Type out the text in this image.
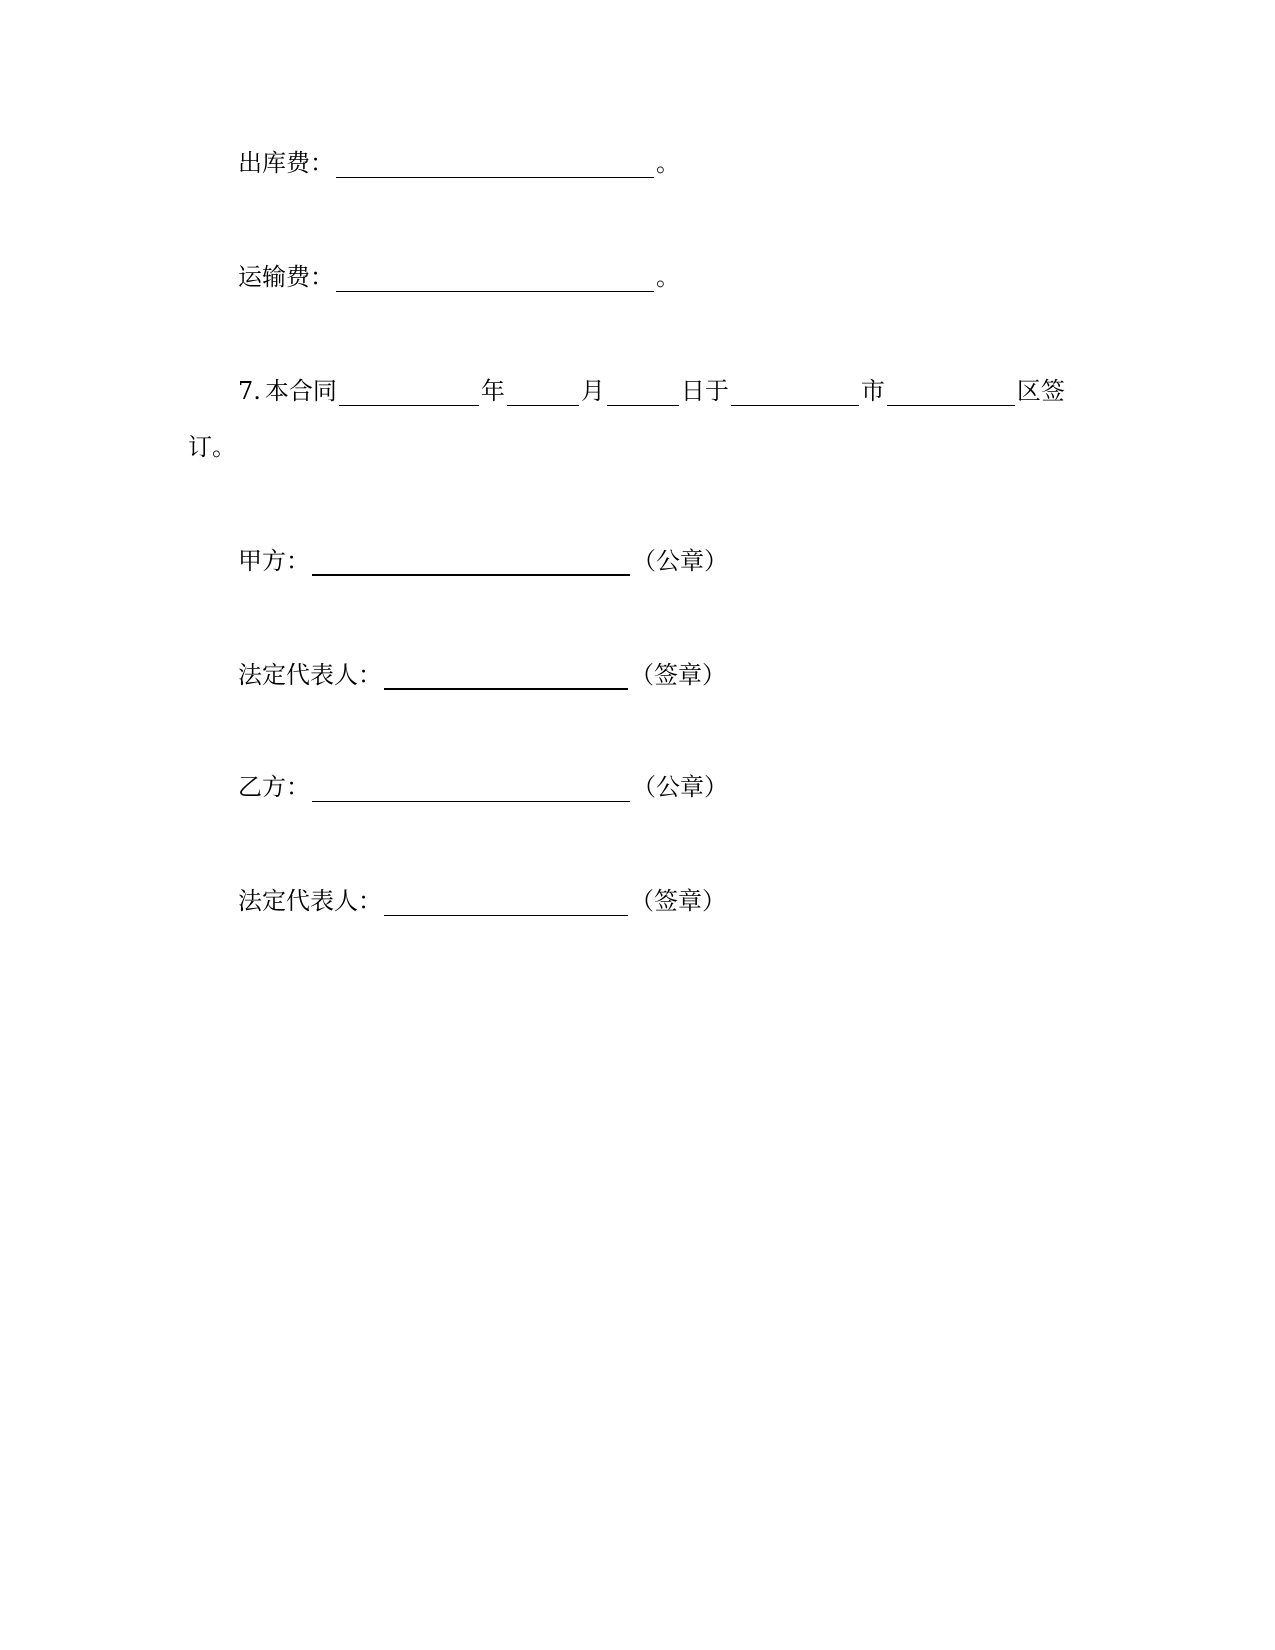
出库费：	。
运输费：	。
7. 本合同	年	月	日于	市	区签
订。
甲方：	（公章）
法定代表人：	（签章）
乙方：	（公章）
法定代表人：	（签章）
